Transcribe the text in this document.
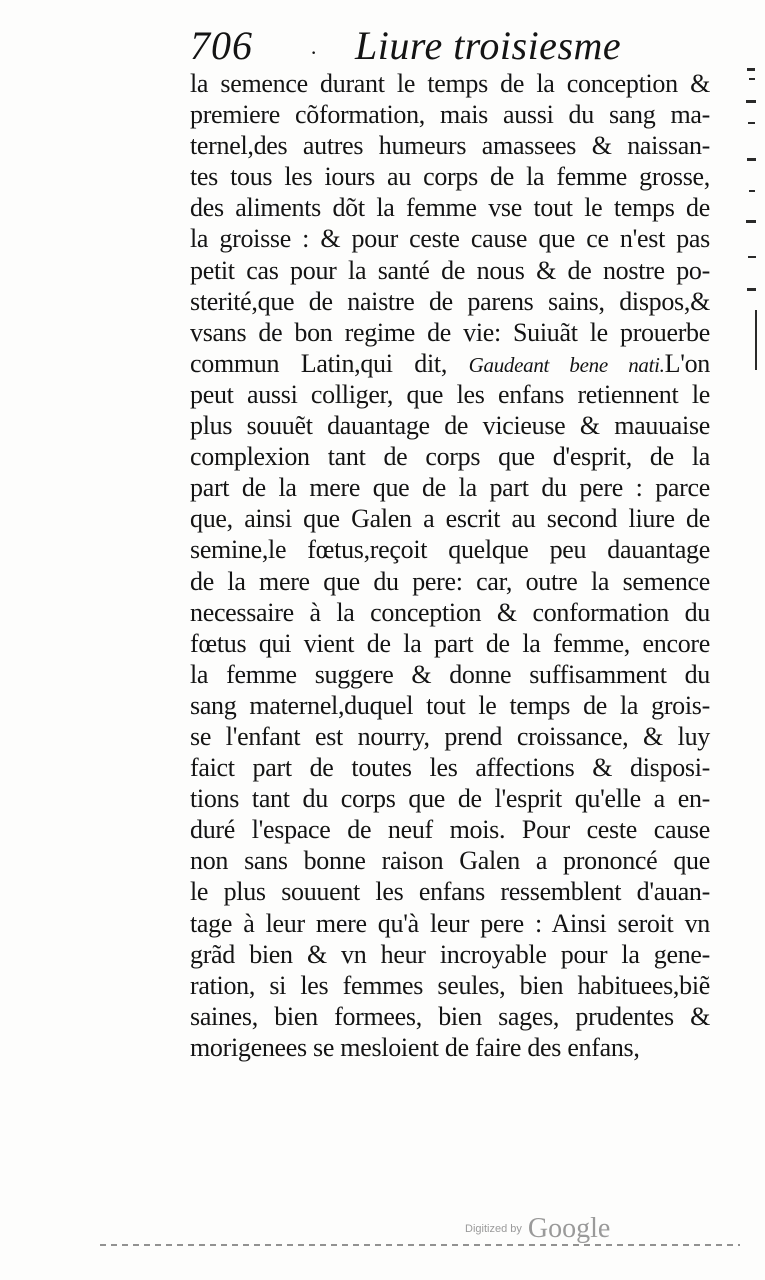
706	· Liure troisiesme
la semence durant le temps de la conception &
premiere cõformation, mais aussi du sang ma-
ternel,des autres humeurs amassees & naissan-
tes tous les iours au corps de la femme grosse,
des aliments dõt la femme vse tout le temps de
la groisse : & pour ceste cause que ce n'est pas
petit cas pour la santé de nous & de nostre po-
sterité,que de naistre de parens sains, dispos,&
vsans de bon regime de vie: Suiuãt le prouerbe
commun Latin,qui dit, Gaudeant bene nati.L'on
peut aussi colliger, que les enfans retiennent le
plus souuẽt dauantage de vicieuse & mauuaise
complexion tant de corps que d'esprit, de la
part de la mere que de la part du pere : parce
que, ainsi que Galen a escrit au second liure de
semine,le fœtus,reçoit quelque peu dauantage
de la mere que du pere: car, outre la semence
necessaire à la conception & conformation du
fœtus qui vient de la part de la femme, encore
la femme suggere & donne suffisamment du
sang maternel,duquel tout le temps de la grois-
se l'enfant est nourry, prend croissance, & luy
faict part de toutes les affections & disposi-
tions tant du corps que de l'esprit qu'elle a en-
duré l'espace de neuf mois. Pour ceste cause
non sans bonne raison Galen a prononcé que
le plus souuent les enfans ressemblent d'auan-
tage à leur mere qu'à leur pere : Ainsi seroit vn
grãd bien & vn heur incroyable pour la gene-
ration, si les femmes seules, bien habituees,biẽ
saines, bien formees, bien sages, prudentes &
morigenees se mesloient de faire des enfans,
Digitized by Google
